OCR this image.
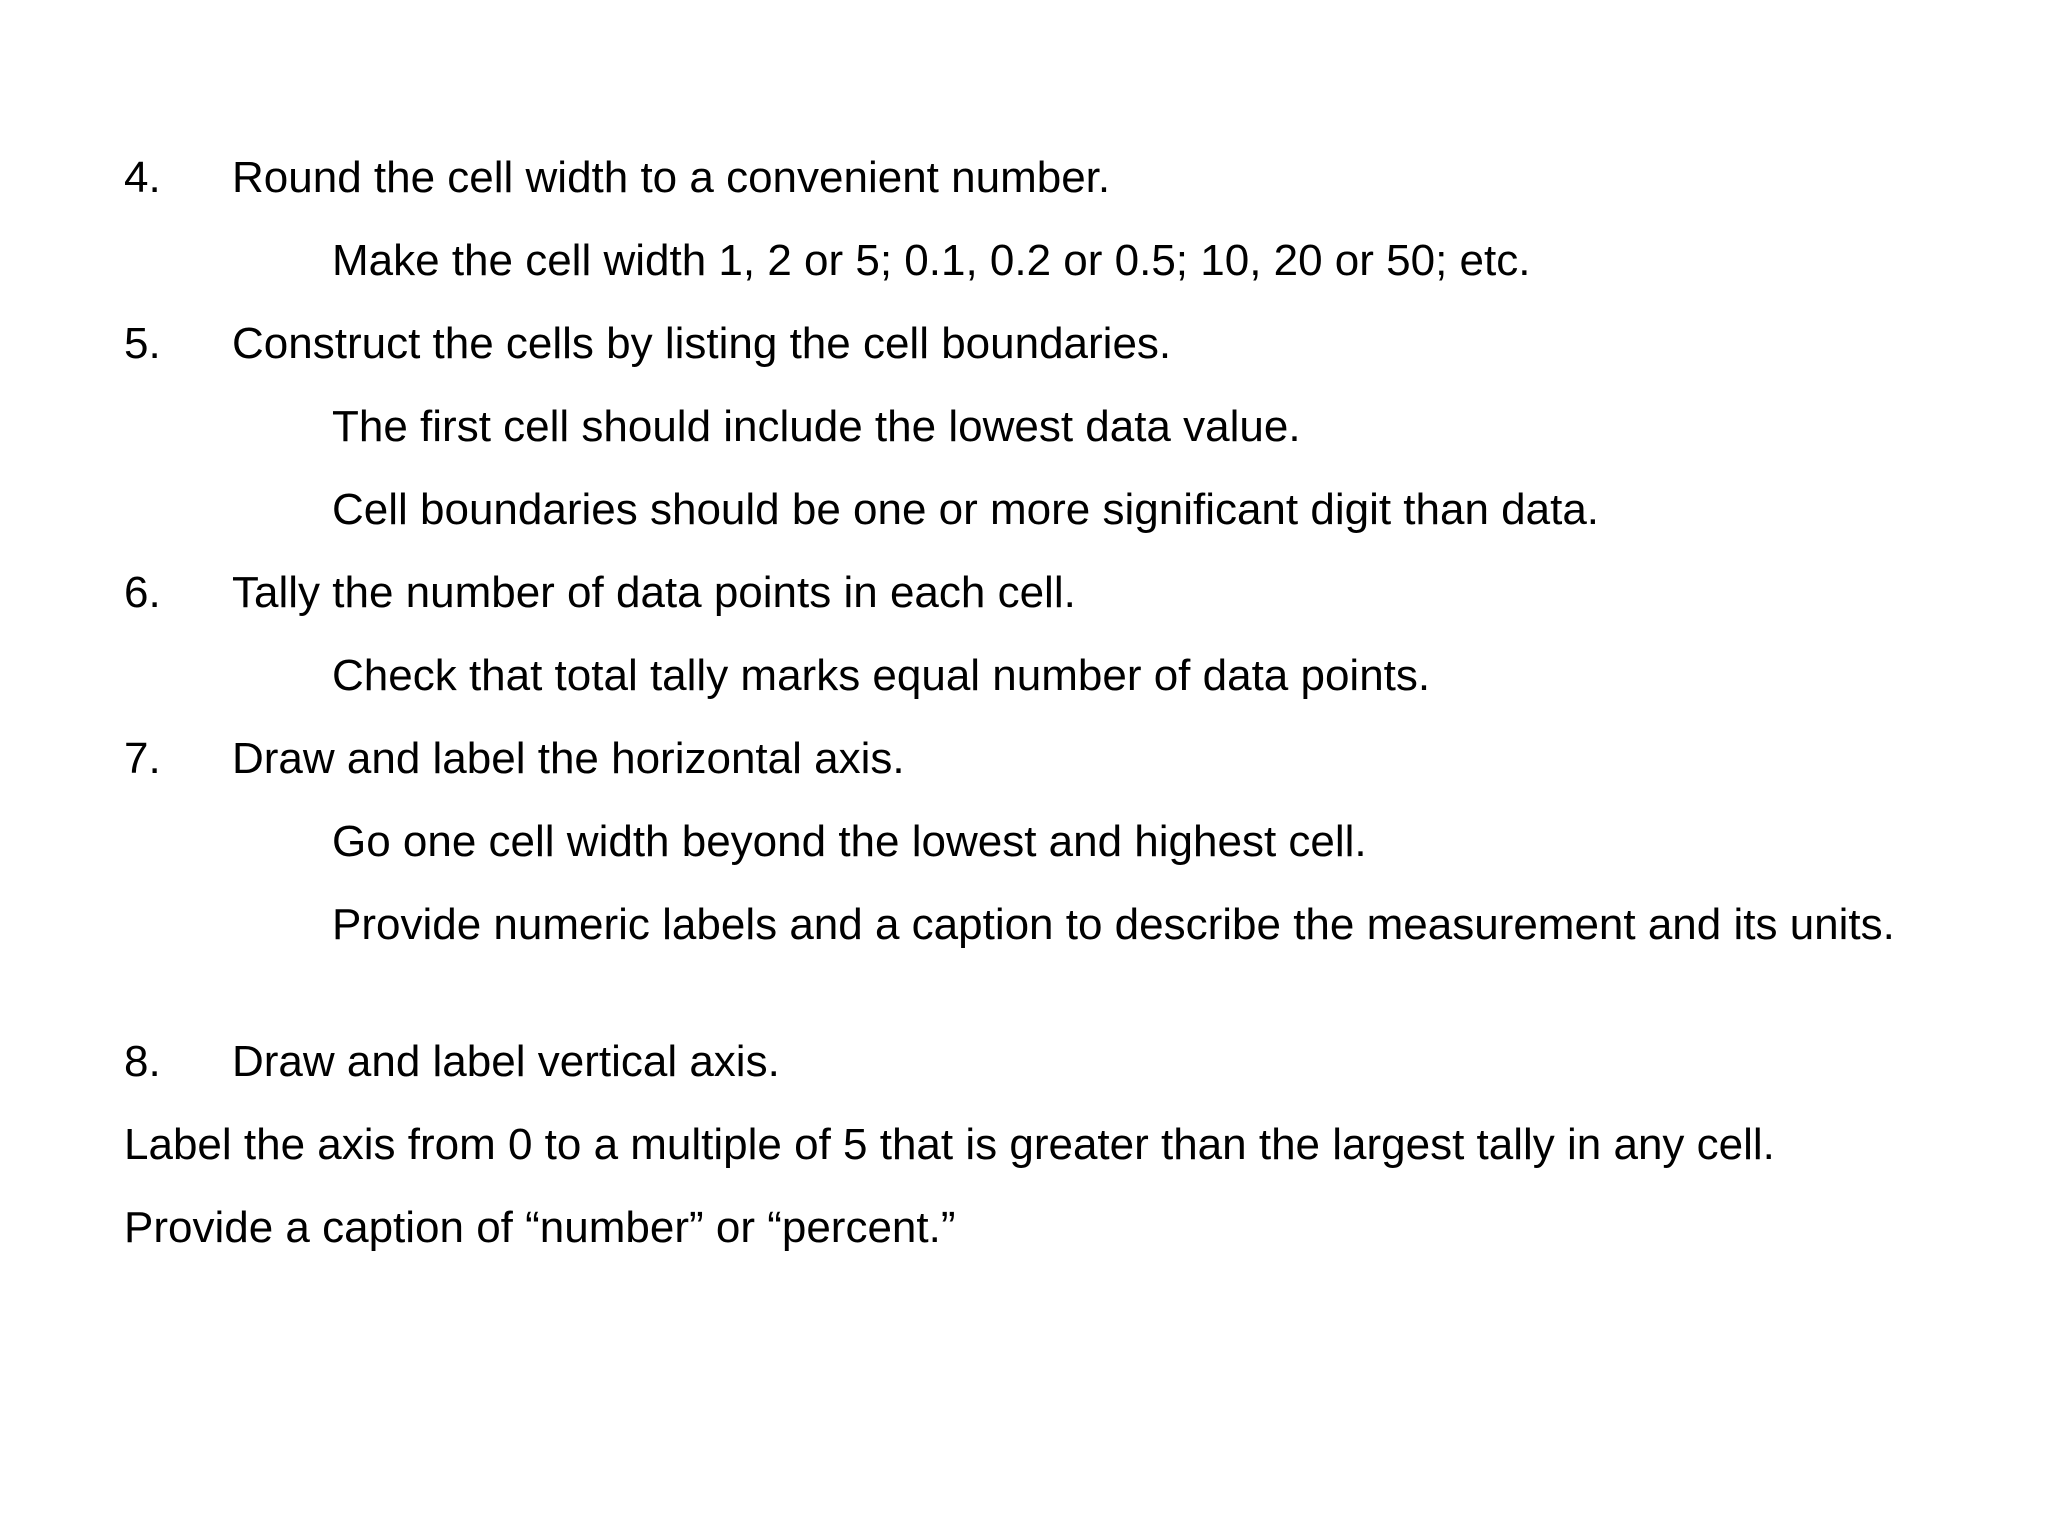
4. Round the cell width to a convenient number.
Make the cell width 1, 2 or 5; 0.1, 0.2 or 0.5; 10, 20 or 50; etc.
5. Construct the cells by listing the cell boundaries.
The first cell should include the lowest data value.
Cell boundaries should be one or more significant digit than data.
6. Tally the number of data points in each cell.
Check that total tally marks equal number of data points.
7. Draw and label the horizontal axis.
Go one cell width beyond the lowest and highest cell.
Provide numeric labels and a caption to describe the measurement and its units.
8. Draw and label vertical axis.
Label the axis from 0 to a multiple of 5 that is greater than the largest tally in any cell.
Provide a caption of “number” or “percent.”
